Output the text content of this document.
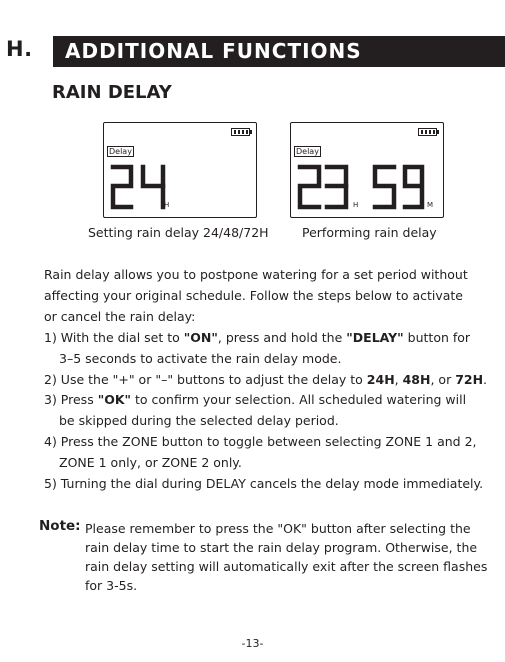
H. ADDITIONAL FUNCTIONS
RAIN DELAY
Delay
H
Setting rain delay 24/48/72H
Delay
H	M
Performing rain delay
Rain delay allows you to postpone watering for a set period without
affecting your original schedule. Follow the steps below to activate
or cancel the rain delay:
1) With the dial set to "ON", press and hold the "DELAY" button for
3–5 seconds to activate the rain delay mode.
2) Use the "+" or "–" buttons to adjust the delay to 24H, 48H, or 72H.
3) Press "OK" to confirm your selection. All scheduled watering will
be skipped during the selected delay period.
4) Press the ZONE button to toggle between selecting ZONE 1 and 2,
ZONE 1 only, or ZONE 2 only.
5) Turning the dial during DELAY cancels the delay mode immediately.
Note: Please remember to press the "OK" button after selecting the
rain delay time to start the rain delay program. Otherwise, the
rain delay setting will automatically exit after the screen flashes
for 3-5s.
-13-
